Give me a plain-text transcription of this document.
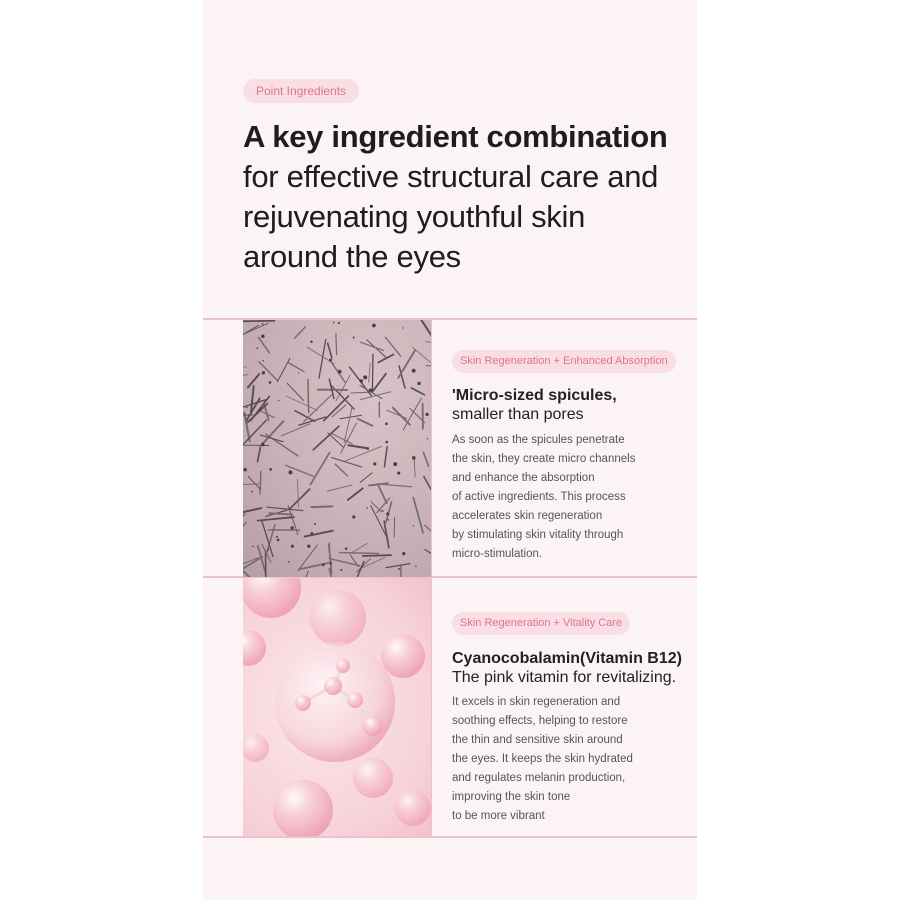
Point Ingredients
A key ingredient combination
for effective structural care and
rejuvenating youthful skin
around the eyes
Skin Regeneration + Enhanced Absorption
'Micro-sized spicules,
smaller than pores
As soon as the spicules penetrate
the skin, they create micro channels
and enhance the absorption
of active ingredients. This process
accelerates skin regeneration
by stimulating skin vitality through
micro-stimulation.
Skin Regeneration + Vitality Care
Cyanocobalamin(Vitamin B12)
The pink vitamin for revitalizing.
It excels in skin regeneration and
soothing effects, helping to restore
the thin and sensitive skin around
the eyes. It keeps the skin hydrated
and regulates melanin production,
improving the skin tone
to be more vibrant
